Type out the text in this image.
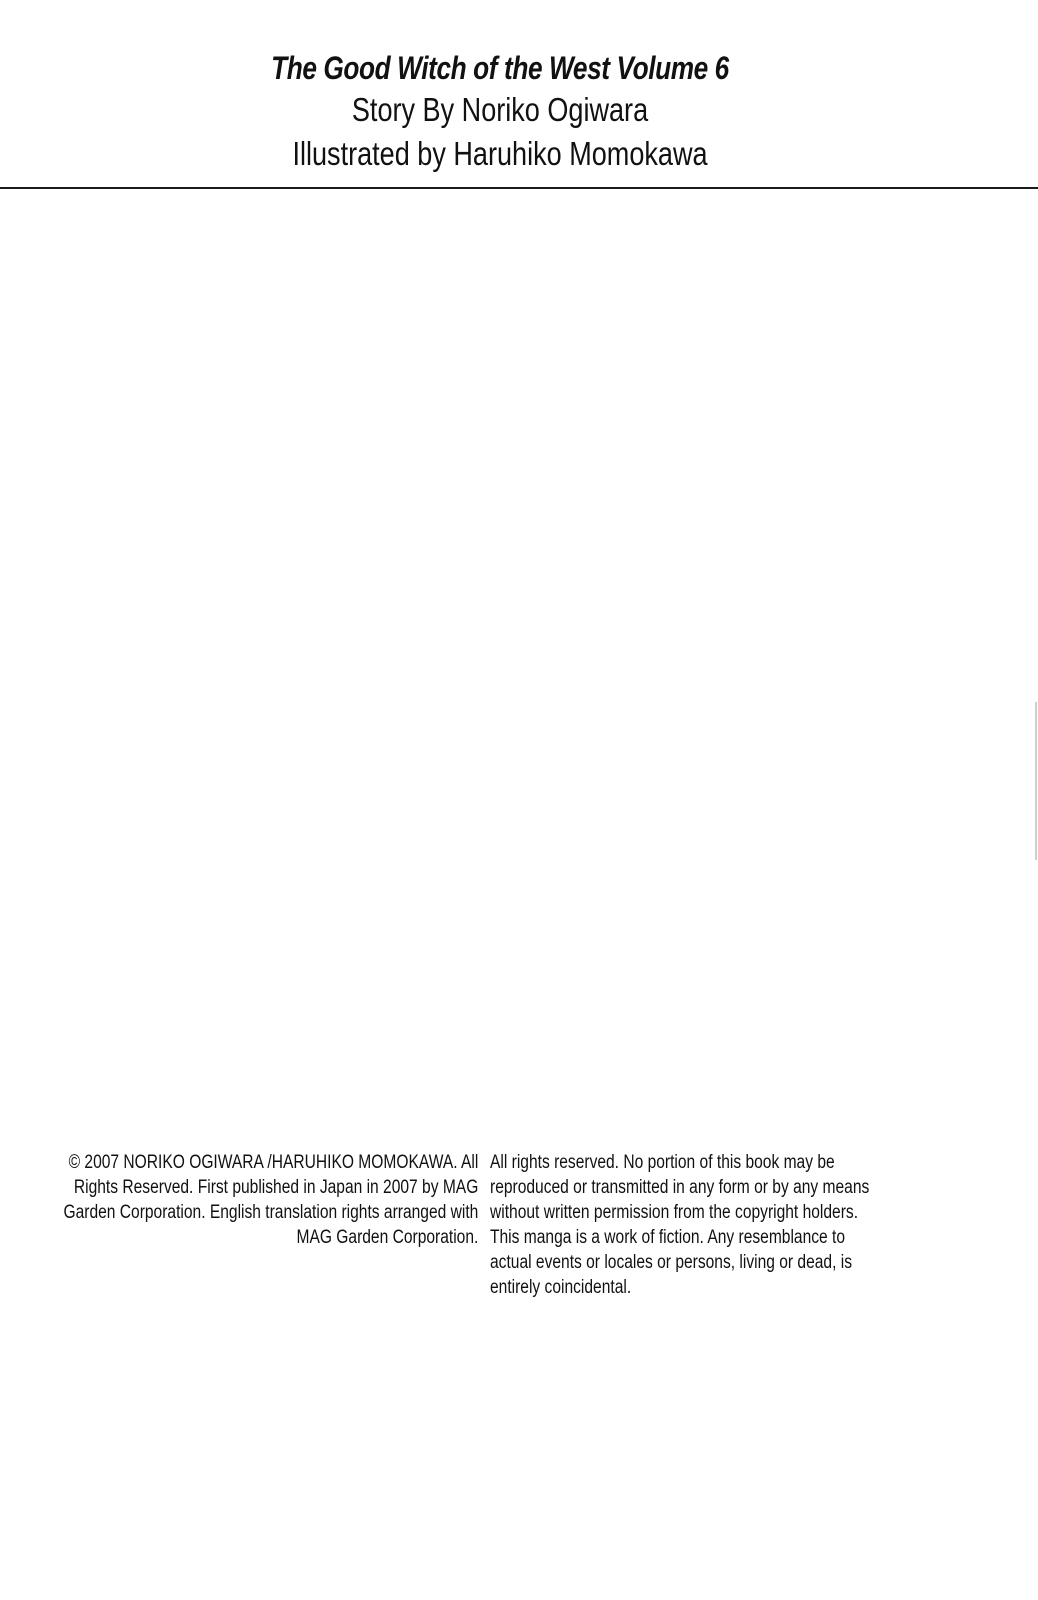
The Good Witch of the West Volume 6

Story By Noriko Ogiwara

Illustrated by Haruhiko Momokawa

© 2007 NORIKO OGIWARA /HARUHIKO MOMOKAWA. All
Rights Reserved. First published in Japan in 2007 by MAG
Garden Corporation. English translation rights arranged with
MAG Garden Corporation.
All rights reserved. No portion of this book may be
reproduced or transmitted in any form or by any means
without written permission from the copyright holders.
This manga is a work of fiction. Any resemblance to
actual events or locales or persons, living or dead, is
entirely coincidental.
